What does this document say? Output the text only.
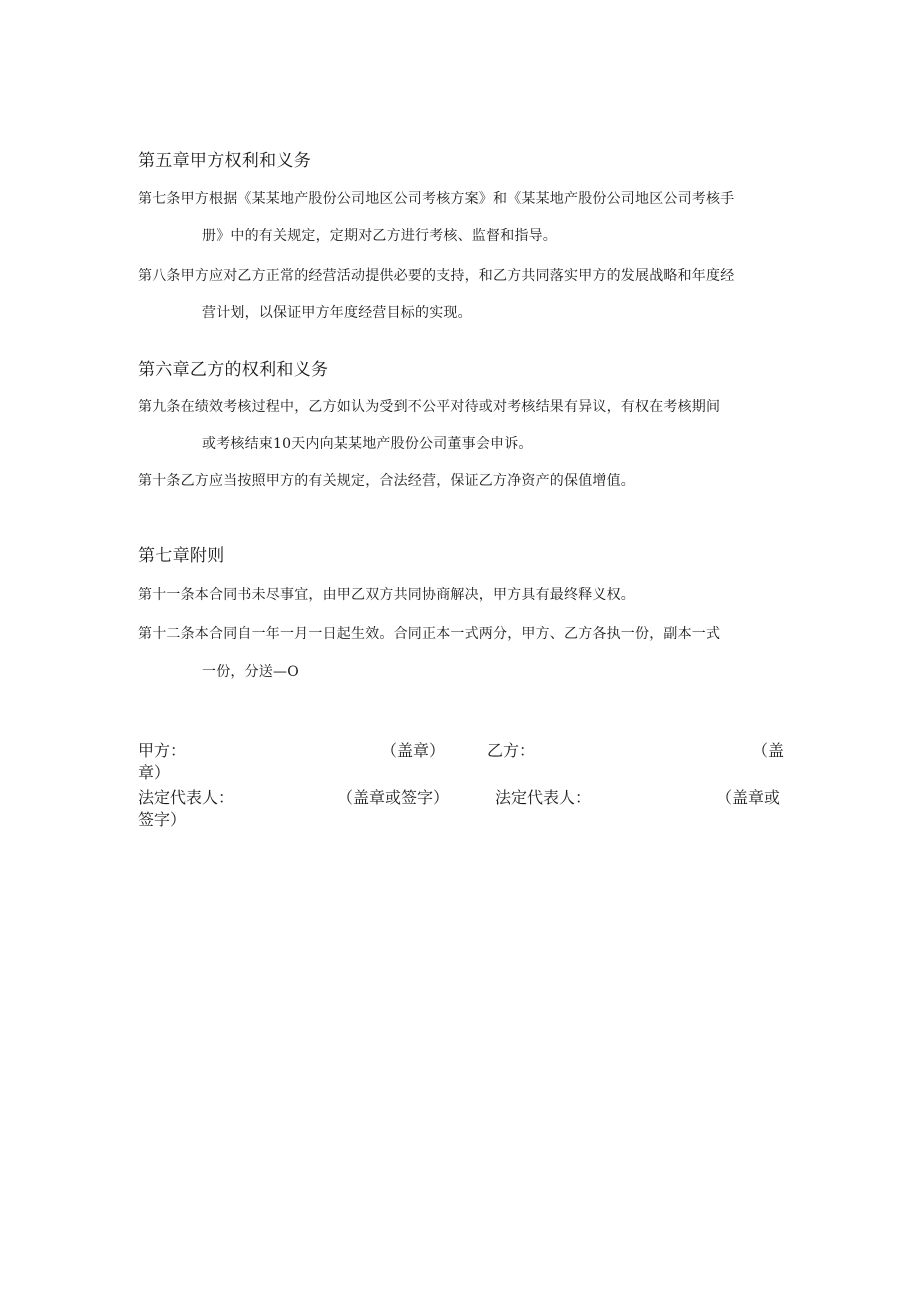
第五章甲方权利和义务
第七条甲方根据《某某地产股份公司地区公司考核方案》和《某某地产股份公司地区公司考核手
册》中的有关规定，定期对乙方进行考核、监督和指导。
第八条甲方应对乙方正常的经营活动提供必要的支持，和乙方共同落实甲方的发展战略和年度经
营计划，以保证甲方年度经营目标的实现。
第六章乙方的权利和义务
第九条在绩效考核过程中，乙方如认为受到不公平对待或对考核结果有异议，有权在考核期间
或考核结束10天内向某某地产股份公司董事会申诉。
第十条乙方应当按照甲方的有关规定，合法经营，保证乙方净资产的保值增值。
第七章附则
第十一条本合同书未尽事宜，由甲乙双方共同协商解决，甲方具有最终释义权。
第十二条本合同自一年一月一日起生效。合同正本一式两分，甲方、乙方各执一份，副本一式
一份，分送—O
甲方：	（盖章）	乙方：	（盖
章）
法定代表人：	（盖章或签字）	法定代表人：	（盖章或
签字）
